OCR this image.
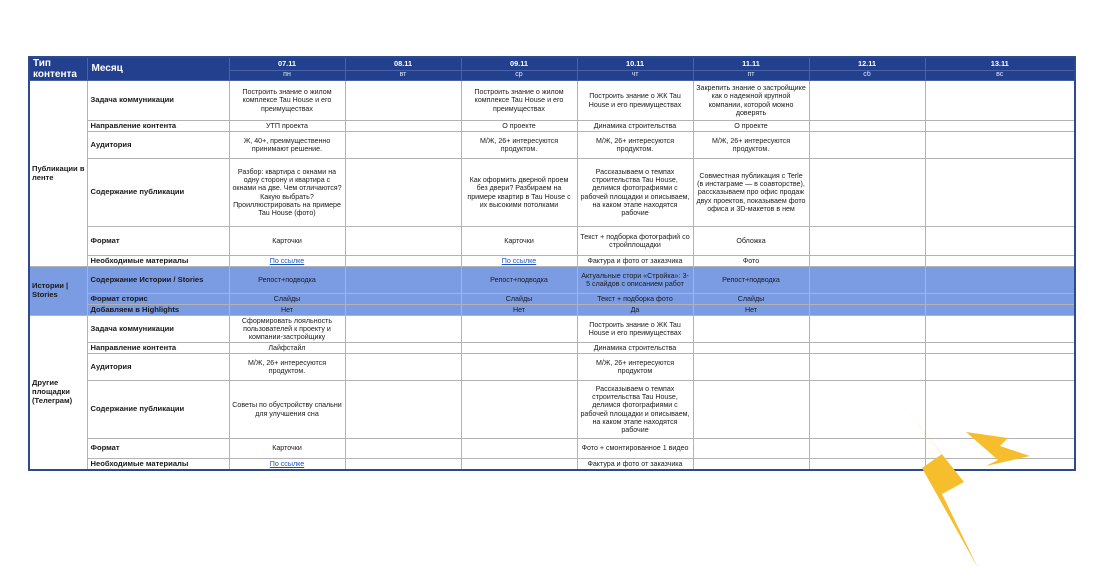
Тип контента	Месяц	07.11	08.11	09.11	10.11	11.11	12.11	13.11
		пн	вт	ср	чт	пт	сб	вс
Публикации в ленте	Задача коммуникации	Построить знание о жилом комплексе Tau House и его преимуществах		Построить знание о жилом комплексе Tau House и его преимуществах	Построить знание о ЖК Tau House и его преимуществах	Закрепить знание о застройщике как о надежной крупной компании, которой можно доверять		
	Направление контента	УТП проекта		О проекте	Динамика строительства	О проекте		
	Аудитория	Ж, 40+, преимущественно принимают решение.		М/Ж, 26+ интересуются продуктом.	М/Ж, 26+ интересуются продуктом.	М/Ж, 26+ интересуются продуктом.		
	Содержание публикации	Разбор: квартира с окнами на одну сторону и квартира с окнами на две. Чем отличаются? Какую выбрать? Проиллюстрировать на примере Tau House (фото)		Как оформить дверной проем без двери? Разбираем на примере квартир в Tau House с их высокими потолками	Рассказываем о темпах строительства Tau House, делимся фотографиями с рабочей площадки и описываем, на каком этапе находятся рабочие	Совместная публикация с Terle (в инстаграме — в соавторстве), рассказываем про офис продаж двух проектов, показываем фото офиса и 3D-макетов в нем		
	Формат	Карточки		Карточки	Текст + подборка фотографий со стройплощадки	Обложка		
	Необходимые материалы	По ссылке		По ссылке	Фактура и фото от заказчика	Фото		
Истории | Stories	Содержание Истории / Stories	Репост+подводка		Репост+подводка	Актуальные стори «Стройка»: 3-5 слайдов с описанием работ	Репост+подводка		
	Формат сторис	Слайды		Слайды	Текст + подборка фото	Слайды		
	Добавляем в Highlights	Нет		Нет	Да	Нет		
Другие площадки (Телеграм)	Задача коммуникации	Сформировать лояльность пользователей к проекту и компании-застройщику			Построить знание о ЖК Tau House и его преимуществах			
	Направление контента	Лайфстайл			Динамика строительства			
	Аудитория	М/Ж, 26+ интересуются продуктом.			М/Ж, 26+ интересуются продуктом			
	Содержание публикации	Советы по обустройству спальни для улучшения сна			Рассказываем о темпах строительства Tau House, делимся фотографиями с рабочей площадки и описываем, на каком этапе находятся рабочие			
	Формат	Карточки			Фото + смонтированное 1 видео			
	Необходимые материалы	По ссылке			Фактура и фото от заказчика			
